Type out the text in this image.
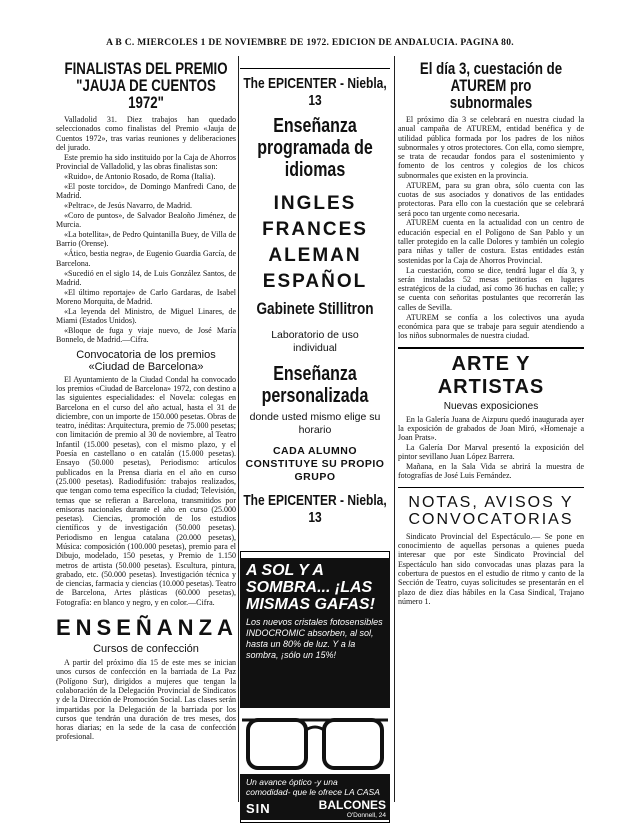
A B C. MIERCOLES 1 DE NOVIEMBRE DE 1972. EDICION DE ANDALUCIA. PAGINA 80.
FINALISTAS DEL PREMIO "JAUJA DE CUENTOS 1972"

Valladolid 31. Diez trabajos han quedado seleccionados como finalistas del Premio «Jauja de Cuentos 1972», tras varias reuniones y deliberaciones del jurado.

Este premio ha sido instituido por la Caja de Ahorros Provincial de Valladolid, y las obras finalistas son:

«Ruido», de Antonio Rosado, de Roma (Italia).

«El poste torcido», de Domingo Manfredi Cano, de Madrid.

«Peltrac», de Jesús Navarro, de Madrid.

«Coro de puntos», de Salvador Bealoño Jiménez, de Murcia.

«La botellita», de Pedro Quintanilla Buey, de Villa de Barrio (Orense).

«Ático, bestia negra», de Eugenio Guardia García, de Barcelona.

«Sucedió en el siglo 14, de Luis González Santos, de Madrid.

«El último reportaje» de Carlo Gardaras, de Isabel Moreno Morquita, de Madrid.

«La leyenda del Ministro, de Miguel Linares, de Miami (Estados Unidos).

«Bloque de fuga y viaje nuevo, de José María Bonnelo, de Madrid.—Cifra.

Convocatoria de los premios «Ciudad de Barcelona»

El Ayuntamiento de la Ciudad Condal ha convocado los premios «Ciudad de Barcelona» 1972, con destino a las siguientes especialidades: el Novela: colegas en Barcelona en el curso del año actual, hasta el 31 de diciembre, con un importe de 150.000 pesetas. Obras de teatro, inéditas: Arquitectura, premio de 75.000 pesetas; con limitación de premio al 30 de noviembre, al Teatro Infantil (15.000 pesetas), con el mismo plazo, y el Poesía en castellano o en catalán (15.000 pesetas). Ensayo (50.000 pesetas), Periodismo: artículos publicados en la Prensa diaria en el año en curso (25.000 pesetas). Radiodifusión: trabajos realizados, que tengan como tema específico la ciudad; Televisión, temas que se refieran a Barcelona, transmitidos por emisoras nacionales durante el año en curso (25.000 pesetas). Ciencias, promoción de los estudios científicos y de investigación (50.000 pesetas). Periodismo en lengua catalana (20.000 pesetas), Música: composición (100.000 pesetas), premio para el Dibujo, modelado, 150 pesetas, y Premio de 1.150 metros de artista (50.000 pesetas). Escultura, pintura, grabado, etc. (50.000 pesetas). Investigación técnica y de ciencias, farmacia y ciencias (10.000 pesetas). Teatro de Barcelona, Artes plásticas (60.000 pesetas), Fotografía: en blanco y negro, y en color.—Cifra.

ENSEÑANZA
Cursos de confección

A partir del próximo día 15 de este mes se inician unos cursos de confección en la barriada de La Paz (Polígono Sur), dirigidos a mujeres que tengan la colaboración de la Delegación Provincial de Sindicatos y de la Dirección de Promoción Social. Las clases serán impartidas por la Delegación de la barriada por los cursos que tendrán una duración de tres meses, dos horas diarias; en la sede de la casa de confección profesional.

The EPICENTER - Niebla, 13
Enseñanza programada de idiomas
INGLES
FRANCES
ALEMAN
ESPAÑOL
Gabinete Stillitron
Laboratorio de uso
individual
Enseñanza personalizada
donde usted mismo elige su horario
CADA ALUMNO
CONSTITUYE SU PROPIO
GRUPO
The EPICENTER - Niebla, 13
A SOL Y A SOMBRA... ¡LAS MISMAS GAFAS!
Los nuevos cristales fotosensibles INDOCROMIC absorben, al sol, hasta un 80% de luz. Y a la sombra, ¡sólo un 15%!
Un avance óptico -y una comodidad- que le ofrece LA CASA
SIN	BALCONES
O'Donnell, 24
El día 3, cuestación de ATUREM pro subnormales

El próximo día 3 se celebrará en nuestra ciudad la anual campaña de ATUREM, entidad benéfica y de utilidad pública formada por los padres de los niños subnormales y otros protectores. Con ella, como siempre, se trata de recaudar fondos para el sostenimiento y fomento de los centros y colegios de los chicos subnormales que existen en la provincia.

ATUREM, para su gran obra, sólo cuenta con las cuotas de sus asociados y donativos de las entidades protectoras. Para ello con la cuestación que se celebrará será poco tan urgente como necesaria.

ATUREM cuenta en la actualidad con un centro de educación especial en el Polígono de San Pablo y un taller protegido en la calle Dolores y también un colegio para niñas y taller de costura. Estas entidades están sostenidas por la Caja de Ahorros Provincial.

La cuestación, como se dice, tendrá lugar el día 3, y serán instaladas 52 mesas petitorias en lugares estratégicos de la ciudad, así como 36 huchas en calle; y se cuenta con señoritas postulantes que recorrerán las calles de Sevilla.

ATUREM se confía a los colectivos una ayuda económica para que se trabaje para seguir atendiendo a los niños subnormales de nuestra ciudad.

ARTE Y ARTISTAS
Nuevas exposiciones

En la Galería Juana de Aizpuru quedó inaugurada ayer la exposición de grabados de Joan Miró, «Homenaje a Joan Prats».

La Galería Dor Marval presentó la exposición del pintor sevillano Juan López Barrera.

Mañana, en la Sala Vida se abrirá la muestra de fotografías de José Luis Fernández.

NOTAS, AVISOS Y CONVOCATORIAS

Sindicato Provincial del Espectáculo.— Se pone en conocimiento de aquellas personas a quienes pueda interesar que por este Sindicato Provincial del Espectáculo han sido convocadas unas plazas para la cobertura de puestos en el estudio de ritmo y canto de la Sección de Teatro, cuyas solicitudes se presentarán en el plazo de diez días hábiles en la Casa Sindical, Trajano número 1.
